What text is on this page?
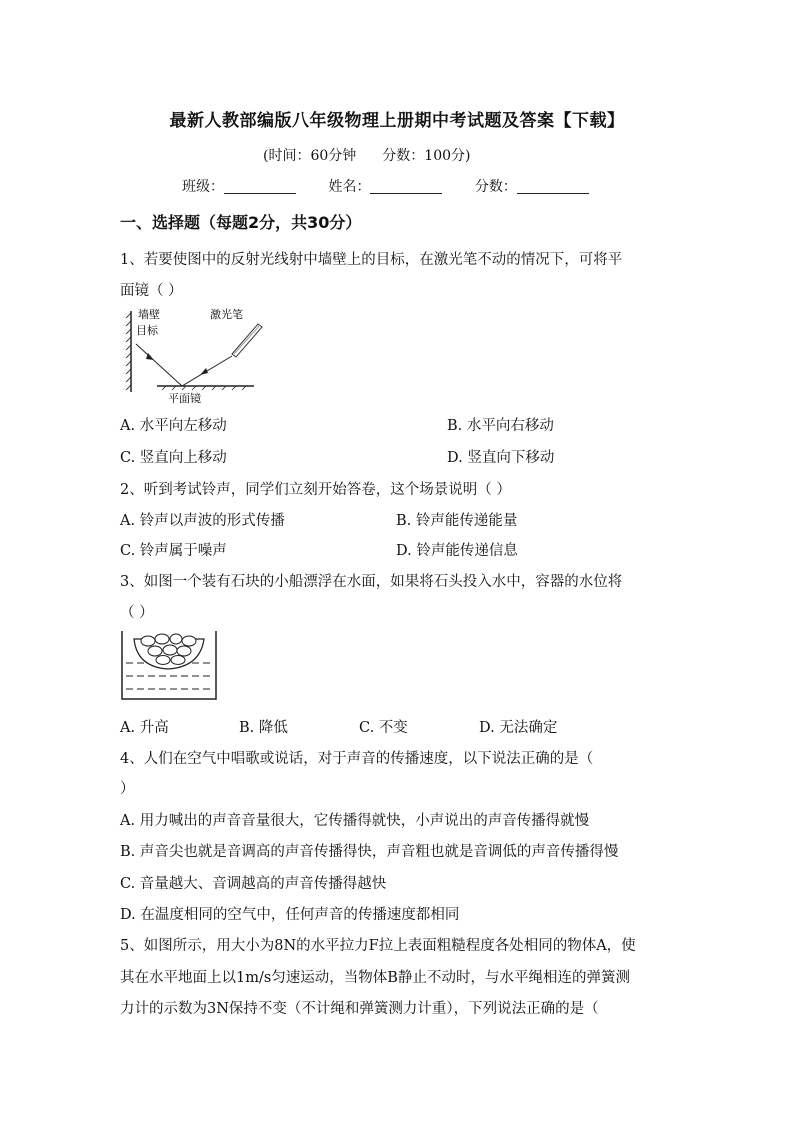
最新人教部编版八年级物理上册期中考试题及答案【下载】
(时间：60分钟 分数：100分)
班级：	姓名：	分数：
一、选择题（每题2分，共30分）
1、若要使图中的反射光线射中墙壁上的目标，在激光笔不动的情况下，可将平
面镜（ ）
墙壁
目标
激光笔
平面镜
A. 水平向左移动	B. 水平向右移动
C. 竖直向上移动	D. 竖直向下移动
2、听到考试铃声，同学们立刻开始答卷，这个场景说明（ ）
A. 铃声以声波的形式传播	B. 铃声能传递能量
C. 铃声属于噪声	D. 铃声能传递信息
3、如图一个装有石块的小船漂浮在水面，如果将石头投入水中，容器的水位将
（ ）
A. 升高	B. 降低	C. 不变	D. 无法确定
4、人们在空气中唱歌或说话，对于声音的传播速度，以下说法正确的是（
）
A. 用力喊出的声音音量很大，它传播得就快，小声说出的声音传播得就慢
B. 声音尖也就是音调高的声音传播得快，声音粗也就是音调低的声音传播得慢
C. 音量越大、音调越高的声音传播得越快
D. 在温度相同的空气中，任何声音的传播速度都相同
5、如图所示，用大小为8N的水平拉力F拉上表面粗糙程度各处相同的物体A，使
其在水平地面上以1m/s匀速运动，当物体B静止不动时，与水平绳相连的弹簧测
力计的示数为3N保持不变（不计绳和弹簧测力计重），下列说法正确的是（
